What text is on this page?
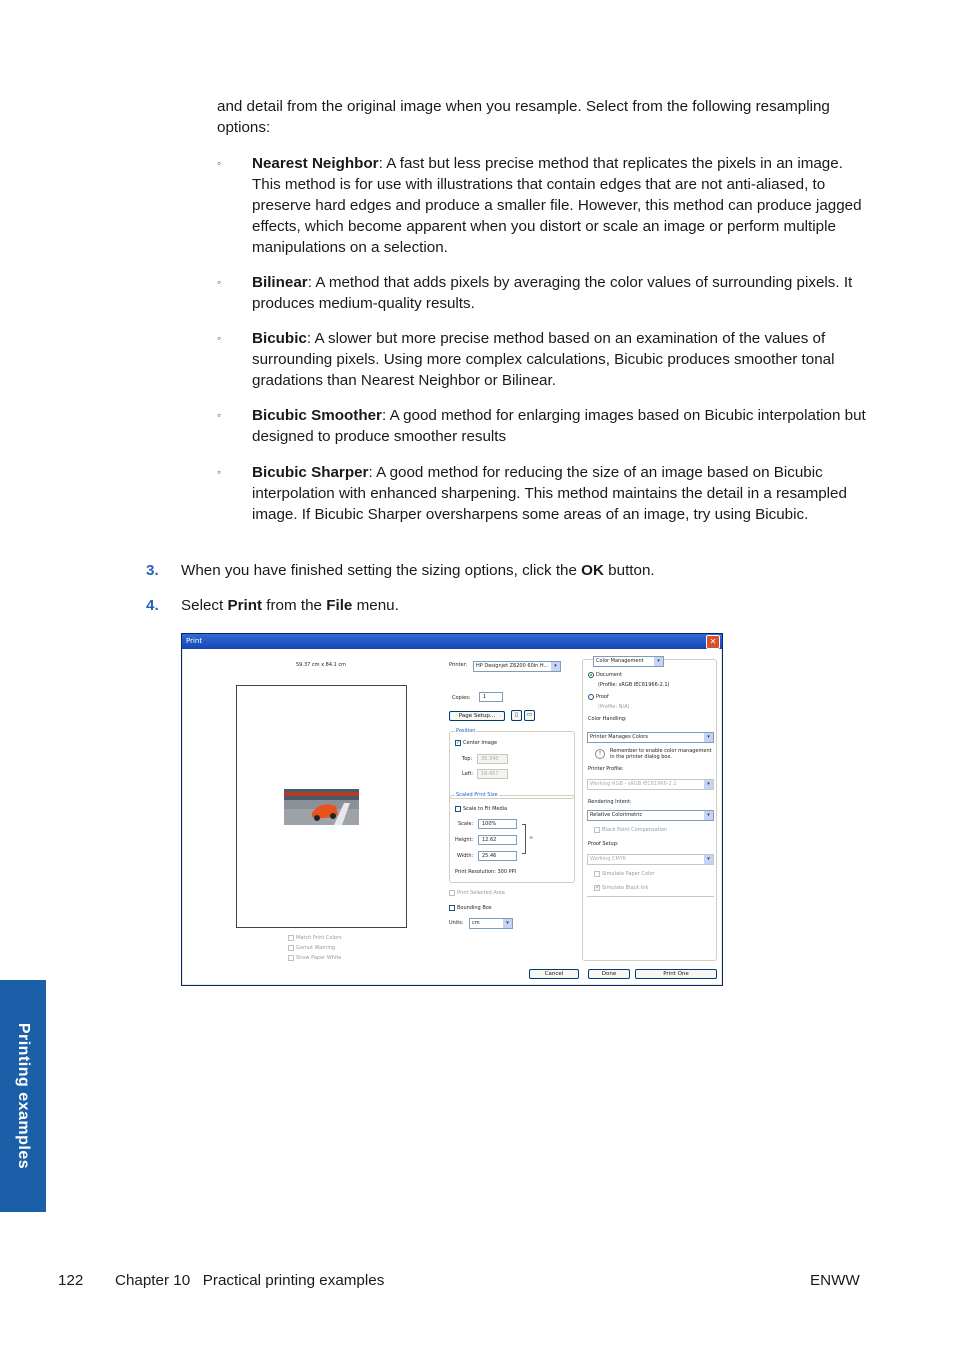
and detail from the original image when you resample. Select from the following resampling options:
◦ Nearest Neighbor: A fast but less precise method that replicates the pixels in an image. This method is for use with illustrations that contain edges that are not anti-aliased, to preserve hard edges and produce a smaller file. However, this method can produce jagged effects, which become apparent when you distort or scale an image or perform multiple manipulations on a selection.
◦ Bilinear: A method that adds pixels by averaging the color values of surrounding pixels. It produces medium-quality results.
◦ Bicubic: A slower but more precise method based on an examination of the values of surrounding pixels. Using more complex calculations, Bicubic produces smoother tonal gradations than Nearest Neighbor or Bilinear.
◦ Bicubic Smoother: A good method for enlarging images based on Bicubic interpolation but designed to produce smoother results
◦ Bicubic Sharper: A good method for reducing the size of an image based on Bicubic interpolation with enhanced sharpening. This method maintains the detail in a resampled image. If Bicubic Sharper oversharpens some areas of an image, try using Bicubic.
3. When you have finished setting the sizing options, click the OK button.
4. Select Print from the File menu.
Print	✕
59.37 cm x 84.1 cm
Match Print Colors
Gamut Warning
Show Paper White
Printer:	HP Designjet Z6200 60in H...	▾
Copies:	1
Page Setup...	▯	▭
Position
✓
Center Image
Top:	35.340
Left:	16.457
Scaled Print Size
Scale to Fit Media
Scale:	100%
Height:	12.62
Width:	25.46
∞
Print Resolution: 300 PPI
Print Selected Area
Bounding Box
Units:	cm	▾
Color Management	▾
Document
(Profile: sRGB IEC61966-2.1)
Proof
(Profile: N/A)
Color Handling:
Printer Manages Colors	▾
!	Remember to enable color management in the printer dialog box.
Printer Profile:
Working RGB - sRGB IEC61966-2.1	▾
Rendering Intent:
Relative Colorimetric	▾
Black Point Compensation
Proof Setup:
Working CMYK	▾
Simulate Paper Color
✓
Simulate Black Ink
Cancel	Done	Print One
Printing examples
122 Chapter 10   Practical printing examples	ENWW
